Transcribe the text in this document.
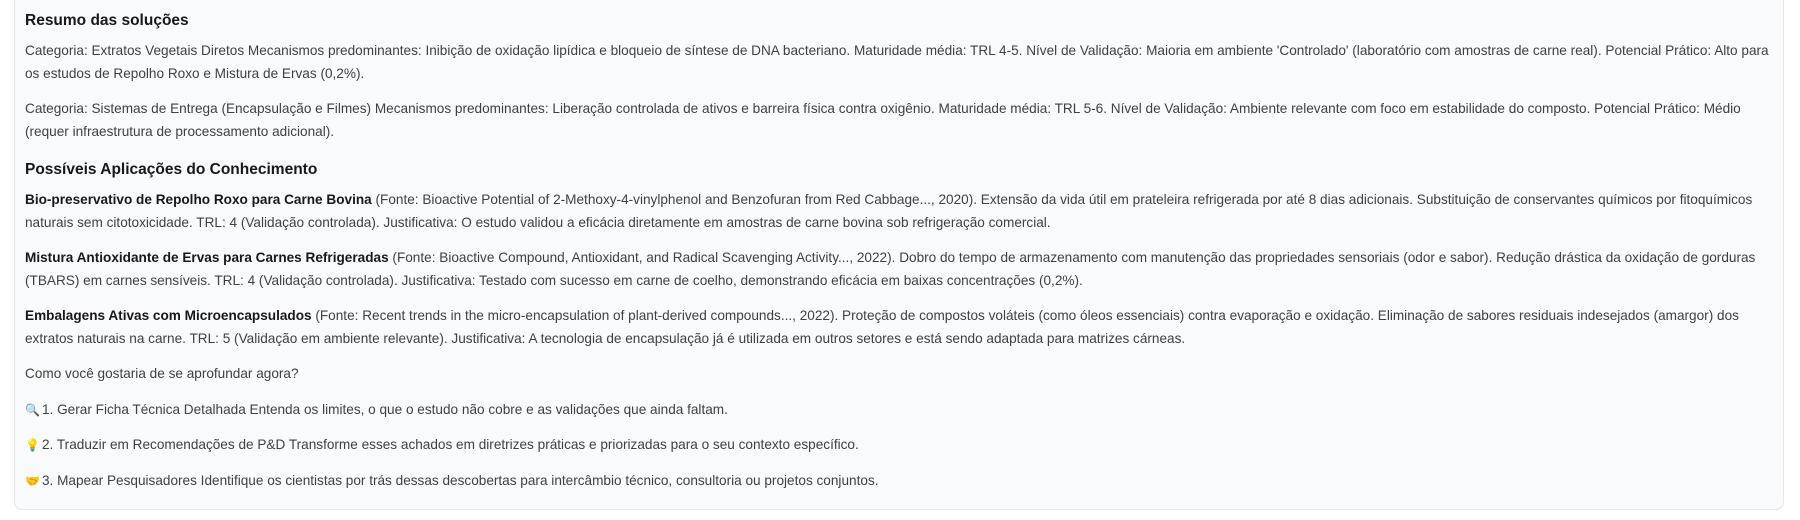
Resumo das soluções

Categoria: Extratos Vegetais Diretos Mecanismos predominantes: Inibição de oxidação lipídica e bloqueio de síntese de DNA bacteriano. Maturidade média: TRL 4-5. Nível de Validação: Maioria em ambiente 'Controlado' (laboratório com amostras de carne real). Potencial Prático: Alto para os estudos de Repolho Roxo e Mistura de Ervas (0,2%).

Categoria: Sistemas de Entrega (Encapsulação e Filmes) Mecanismos predominantes: Liberação controlada de ativos e barreira física contra oxigênio. Maturidade média: TRL 5-6. Nível de Validação: Ambiente relevante com foco em estabilidade do composto. Potencial Prático: Médio (requer infraestrutura de processamento adicional).

Possíveis Aplicações do Conhecimento

Bio-preservativo de Repolho Roxo para Carne Bovina (Fonte: Bioactive Potential of 2-Methoxy-4-vinylphenol and Benzofuran from Red Cabbage..., 2020). Extensão da vida útil em prateleira refrigerada por até 8 dias adicionais. Substituição de conservantes químicos por fitoquímicos naturais sem citotoxicidade. TRL: 4 (Validação controlada). Justificativa: O estudo validou a eficácia diretamente em amostras de carne bovina sob refrigeração comercial.

Mistura Antioxidante de Ervas para Carnes Refrigeradas (Fonte: Bioactive Compound, Antioxidant, and Radical Scavenging Activity..., 2022). Dobro do tempo de armazenamento com manutenção das propriedades sensoriais (odor e sabor). Redução drástica da oxidação de gorduras (TBARS) em carnes sensíveis. TRL: 4 (Validação controlada). Justificativa: Testado com sucesso em carne de coelho, demonstrando eficácia em baixas concentrações (0,2%).

Embalagens Ativas com Microencapsulados (Fonte: Recent trends in the micro-encapsulation of plant-derived compounds..., 2022). Proteção de compostos voláteis (como óleos essenciais) contra evaporação e oxidação. Eliminação de sabores residuais indesejados (amargor) dos extratos naturais na carne. TRL: 5 (Validação em ambiente relevante). Justificativa: A tecnologia de encapsulação já é utilizada em outros setores e está sendo adaptada para matrizes cárneas.

Como você gostaria de se aprofundar agora?

🔍 1. Gerar Ficha Técnica Detalhada Entenda os limites, o que o estudo não cobre e as validações que ainda faltam.

💡 2. Traduzir em Recomendações de P&D Transforme esses achados em diretrizes práticas e priorizadas para o seu contexto específico.

🤝 3. Mapear Pesquisadores Identifique os cientistas por trás dessas descobertas para intercâmbio técnico, consultoria ou projetos conjuntos.
